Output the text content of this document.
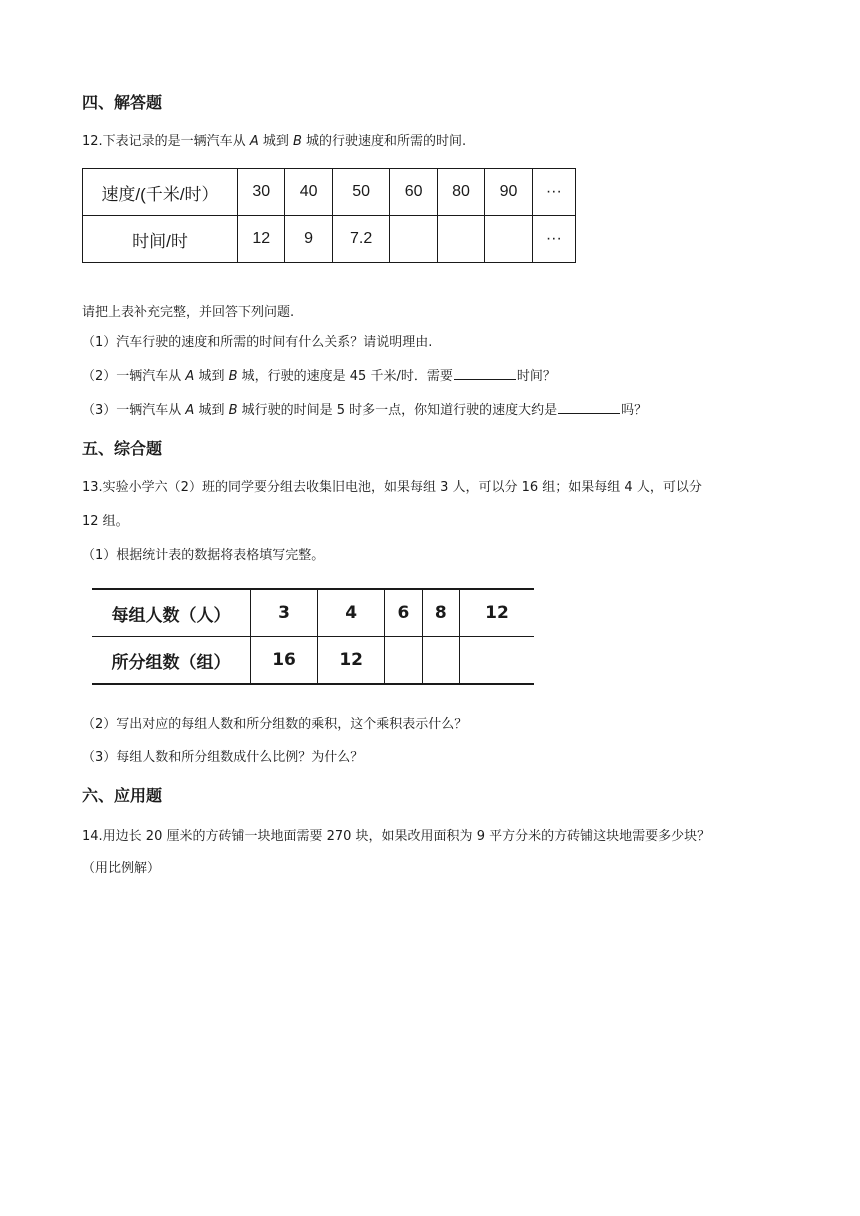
四、解答题
12.下表记录的是一辆汽车从 A 城到 B 城的行驶速度和所需的时间.
速度/(千米/时）	30	40	50	60	80	90	···
时间/时	12	9	7.2				···
请把上表补充完整，并回答下列问题.
（1）汽车行驶的速度和所需的时间有什么关系？请说明理由.
（2）一辆汽车从 A 城到 B 城，行驶的速度是 45 千米/时．需要	时间？
（3）一辆汽车从 A 城到 B 城行驶的时间是 5 时多一点，你知道行驶的速度大约是	吗？
五、综合题
13.实验小学六（2）班的同学要分组去收集旧电池，如果每组 3 人，可以分 16 组；如果每组 4 人，可以分
12 组。
（1）根据统计表的数据将表格填写完整。
每组人数（人）	3	4	6	8	12
所分组数（组）	16	12			
（2）写出对应的每组人数和所分组数的乘积，这个乘积表示什么？
（3）每组人数和所分组数成什么比例？为什么？
六、应用题
14.用边长 20 厘米的方砖铺一块地面需要 270 块，如果改用面积为 9 平方分米的方砖铺这块地需要多少块？
（用比例解）
